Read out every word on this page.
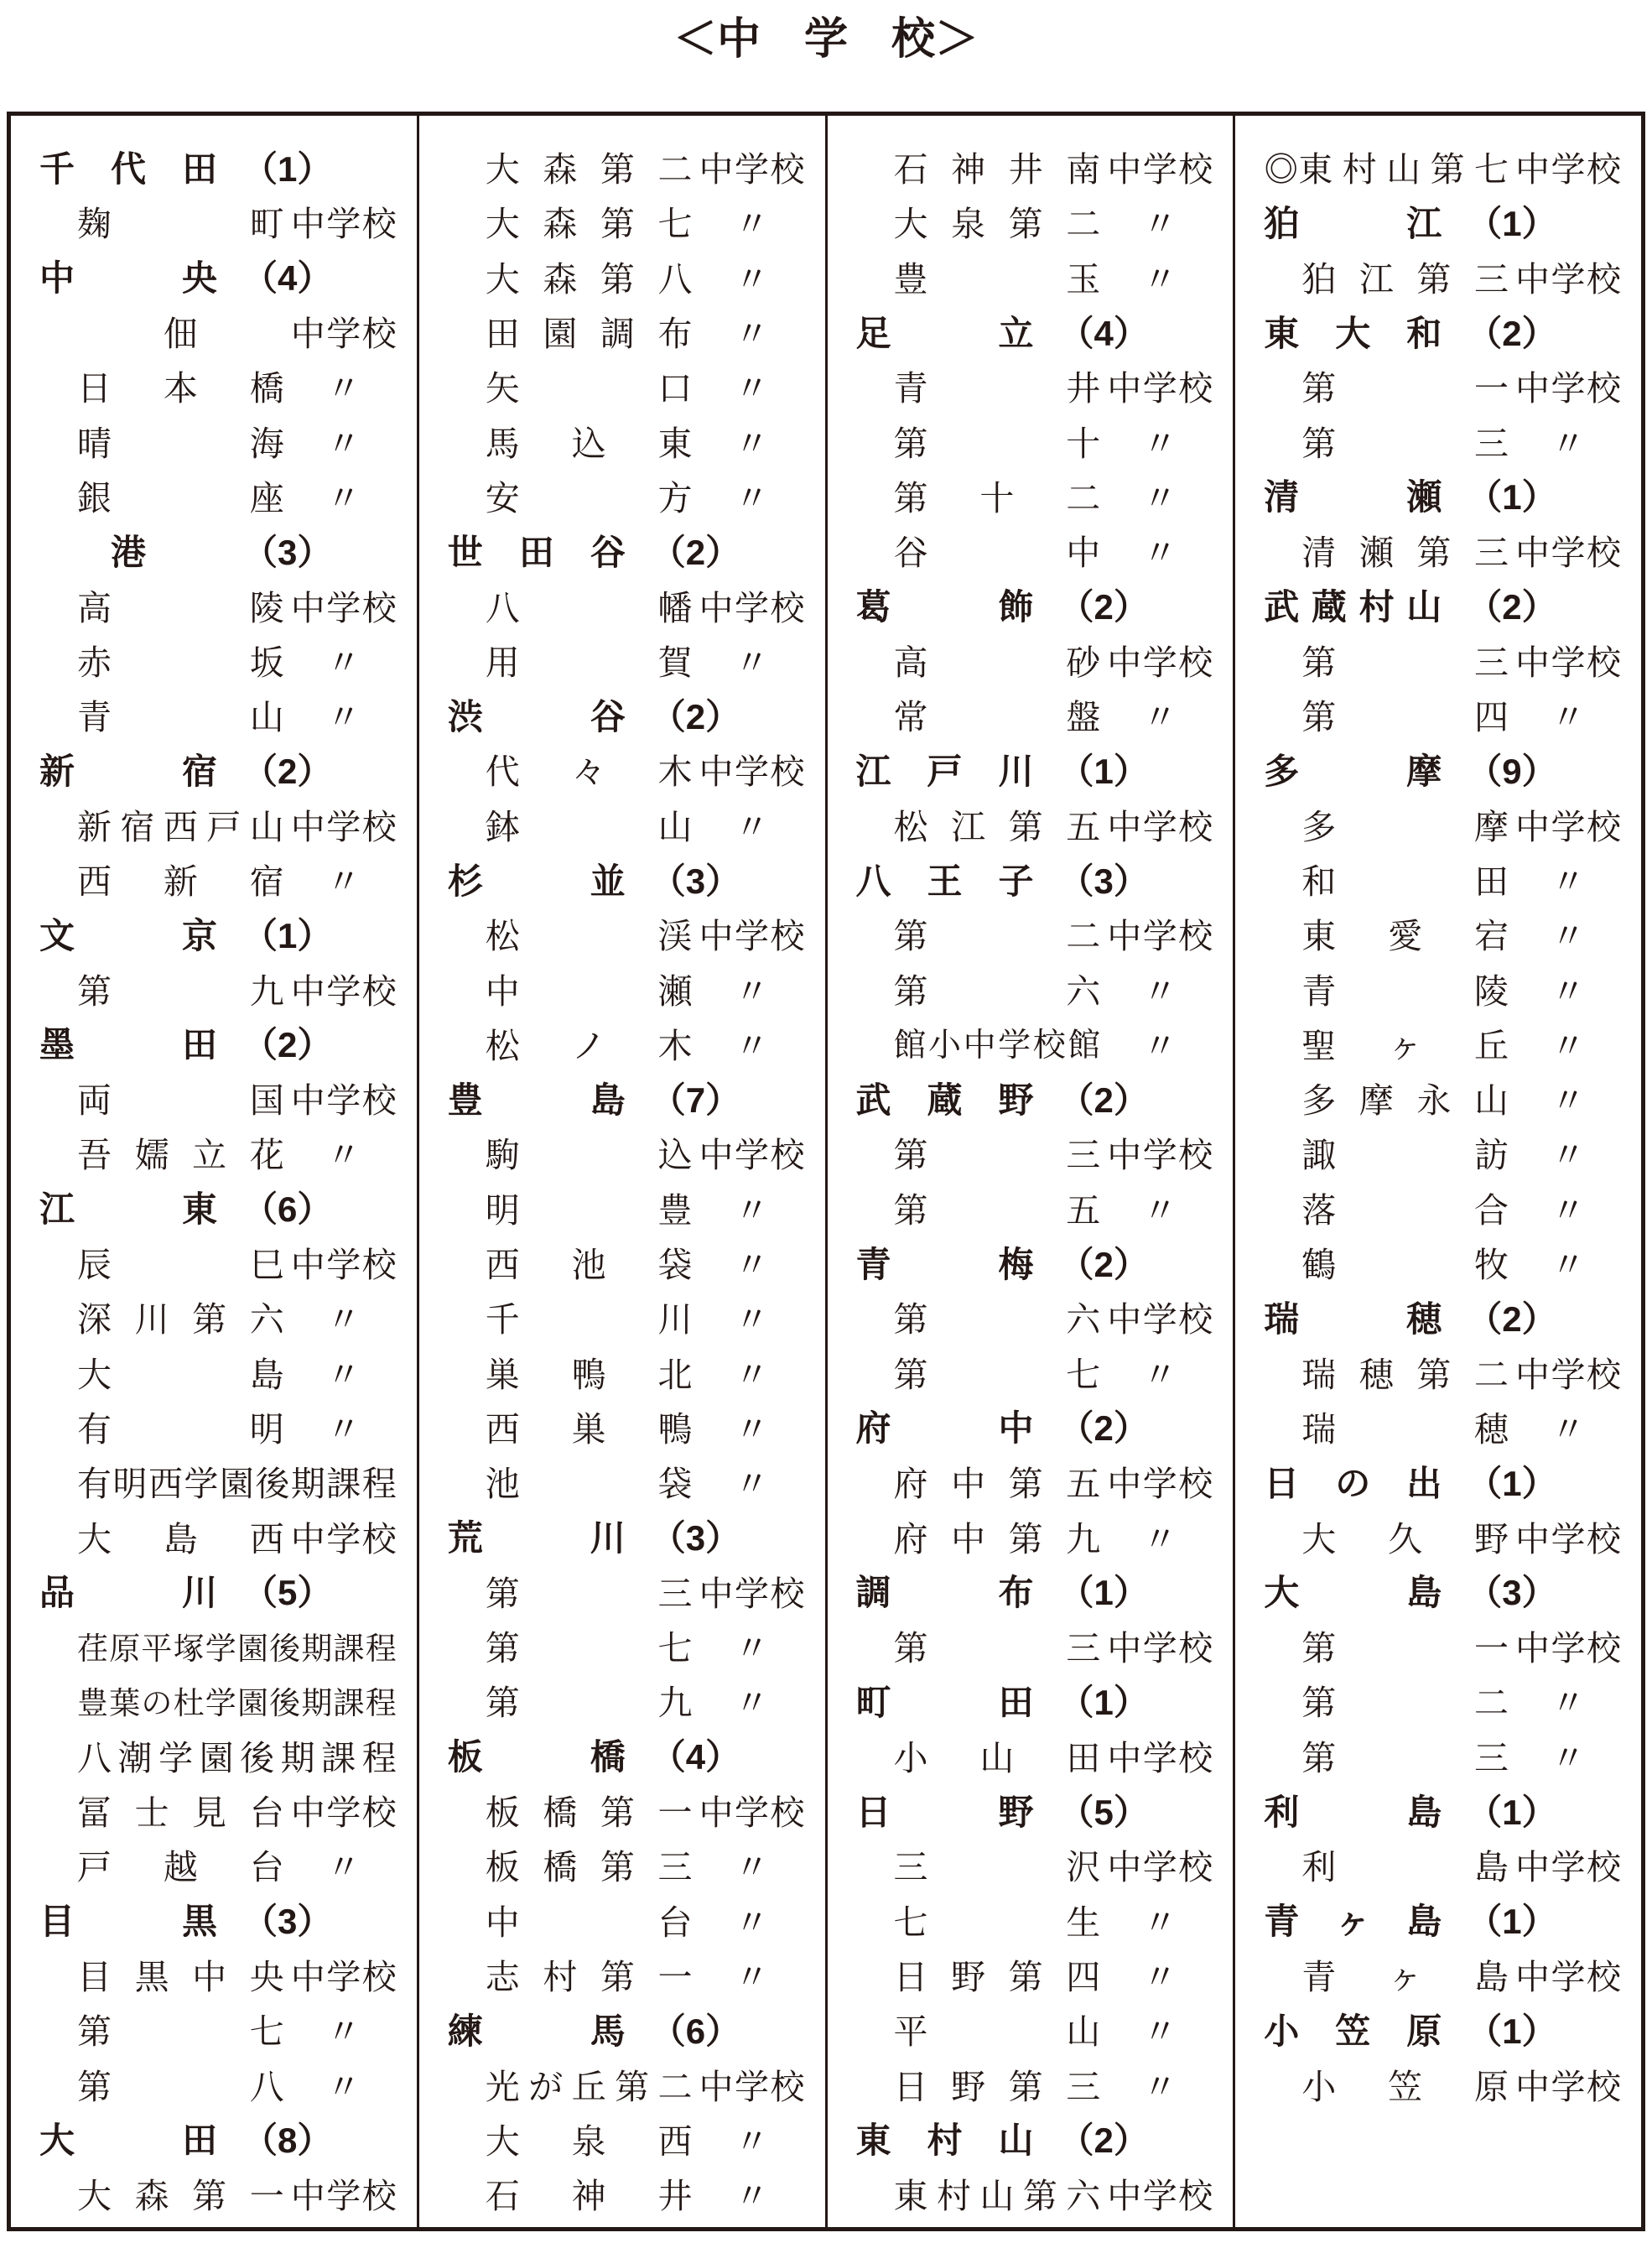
＜中　学　校＞
千 代 田 （1）
麹	町 中 学 校
中	央 （4）
佃	中 学 校
日 本 橋 〃
晴	海 〃
銀	座 〃
港	（3）
高	陵 中 学 校
赤	坂 〃
青	山 〃
新	宿 （2）
新 宿 西 戸 山 中 学 校
西 新 宿 〃
文	京 （1）
第	九 中 学 校
墨	田 （2）
両	国 中 学 校
吾 嬬 立 花 〃
江	東 （6）
辰	巳 中 学 校
深 川 第 六 〃
大	島 〃
有	明 〃
有 明 西 学 園 後 期 課 程
大 島 西 中 学 校
品	川 （5）
荏 原 平 塚 学 園 後 期 課 程
豊 葉 の 杜 学 園 後 期 課 程
八 潮 学 園 後 期 課 程
冨 士 見 台 中 学 校
戸 越 台 〃
目	黒 （3）
目 黒 中 央 中 学 校
第	七 〃
第	八 〃
大	田 （8）
大 森 第 一 中 学 校
大 森 第 二 中 学 校
大 森 第 七 〃
大 森 第 八 〃
田 園 調 布 〃
矢	口 〃
馬 込 東 〃
安	方 〃
世 田 谷 （2）
八	幡 中 学 校
用	賀 〃
渋	谷 （2）
代 々 木 中 学 校
鉢	山 〃
杉	並 （3）
松	渓 中 学 校
中	瀬 〃
松 ノ 木 〃
豊	島 （7）
駒	込 中 学 校
明	豊 〃
西 池 袋 〃
千	川 〃
巣 鴨 北 〃
西 巣 鴨 〃
池	袋 〃
荒	川 （3）
第	三 中 学 校
第	七 〃
第	九 〃
板	橋 （4）
板 橋 第 一 中 学 校
板 橋 第 三 〃
中	台 〃
志 村 第 一 〃
練	馬 （6）
光 が 丘 第 二 中 学 校
大 泉 西 〃
石 神 井 〃
石 神 井 南 中 学 校
大 泉 第 二 〃
豊	玉 〃
足	立 （4）
青	井 中 学 校
第	十 〃
第 十 二 〃
谷	中 〃
葛	飾 （2）
高	砂 中 学 校
常	盤 〃
江 戸 川 （1）
松 江 第 五 中 学 校
八 王 子 （3）
第	二 中 学 校
第	六 〃
館 小 中 学 校 館 〃
武 蔵 野 （2）
第	三 中 学 校
第	五 〃
青	梅 （2）
第	六 中 学 校
第	七 〃
府	中 （2）
府 中 第 五 中 学 校
府 中 第 九 〃
調	布 （1）
第	三 中 学 校
町	田 （1）
小 山 田 中 学 校
日	野 （5）
三	沢 中 学 校
七	生 〃
日 野 第 四 〃
平	山 〃
日 野 第 三 〃
東 村 山 （2）
東 村 山 第 六 中 学 校
◎東 村 山 第 七 中 学 校
狛	江 （1）
狛 江 第 三 中 学 校
東 大 和 （2）
第	一 中 学 校
第	三 〃
清	瀬 （1）
清 瀬 第 三 中 学 校
武 蔵 村 山 （2）
第	三 中 学 校
第	四 〃
多	摩 （9）
多	摩 中 学 校
和	田 〃
東 愛 宕 〃
青	陵 〃
聖 ヶ 丘 〃
多 摩 永 山 〃
諏	訪 〃
落	合 〃
鶴	牧 〃
瑞	穂 （2）
瑞 穂 第 二 中 学 校
瑞	穂 〃
日 の 出 （1）
大 久 野 中 学 校
大	島 （3）
第	一 中 学 校
第	二 〃
第	三 〃
利	島 （1）
利	島 中 学 校
青 ヶ 島 （1）
青 ヶ 島 中 学 校
小 笠 原 （1）
小 笠 原 中 学 校
